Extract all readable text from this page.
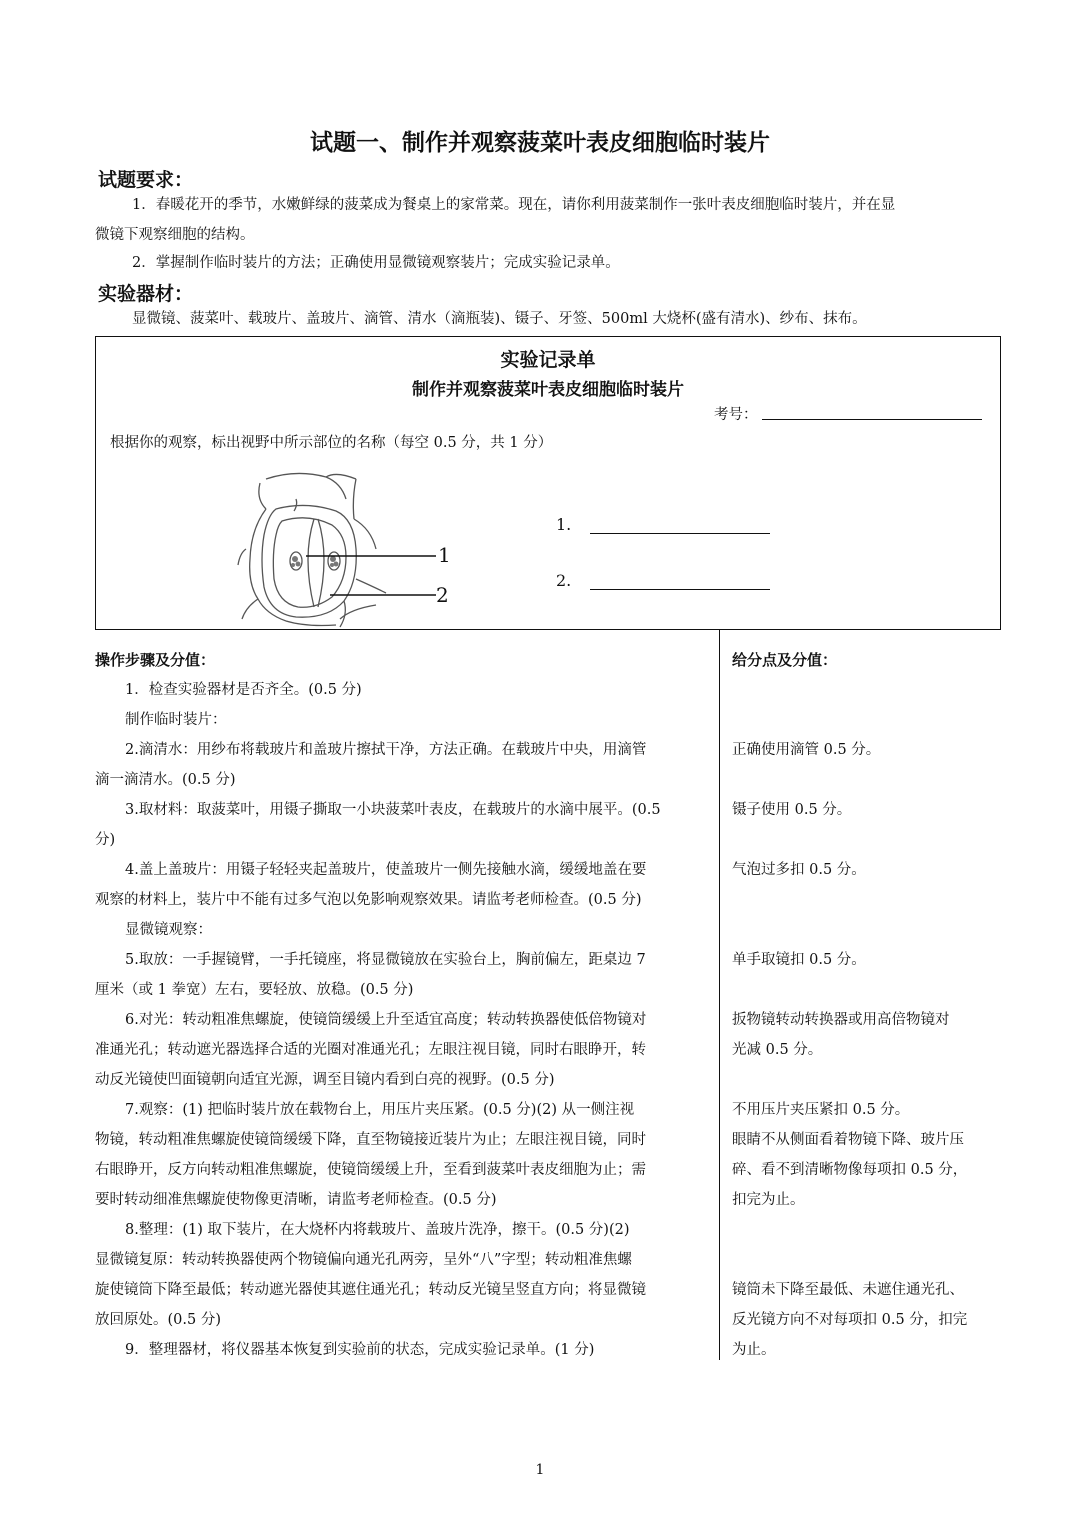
试题一、制作并观察菠菜叶表皮细胞临时装片
试题要求：
1．春暖花开的季节，水嫩鲜绿的菠菜成为餐桌上的家常菜。现在，请你利用菠菜制作一张叶表皮细胞临时装片，并在显
微镜下观察细胞的结构。
2．掌握制作临时装片的方法；正确使用显微镜观察装片；完成实验记录单。
实验器材：
显微镜、菠菜叶、载玻片、盖玻片、滴管、清水（滴瓶装)、镊子、牙签、500ml 大烧杯(盛有清水)、纱布、抹布。
实验记录单
制作并观察菠菜叶表皮细胞临时装片
考号：
根据你的观察，标出视野中所示部位的名称（每空 0.5 分，共 1 分）
1
2
1.
2.

操作步骤及分值：

1．检查实验器材是否齐全。(0.5 分)

制作临时装片：

2.滴清水：用纱布将载玻片和盖玻片擦拭干净，方法正确。在载玻片中央，用滴管

滴一滴清水。(0.5 分)

3.取材料：取菠菜叶，用镊子撕取一小块菠菜叶表皮，在载玻片的水滴中展平。(0.5

分)

4.盖上盖玻片：用镊子轻轻夹起盖玻片，使盖玻片一侧先接触水滴，缓缓地盖在要

观察的材料上，装片中不能有过多气泡以免影响观察效果。请监考老师检查。(0.5 分)

显微镜观察：

5.取放：一手握镜臂，一手托镜座，将显微镜放在实验台上，胸前偏左，距桌边 7

厘米（或 1 拳宽）左右，要轻放、放稳。(0.5 分)

6.对光：转动粗准焦螺旋，使镜筒缓缓上升至适宜高度；转动转换器使低倍物镜对

准通光孔；转动遮光器选择合适的光圈对准通光孔；左眼注视目镜，同时右眼睁开，转

动反光镜使凹面镜朝向适宜光源，调至目镜内看到白亮的视野。(0.5 分)

7.观察：(1) 把临时装片放在载物台上，用压片夹压紧。(0.5 分)(2) 从一侧注视

物镜，转动粗准焦螺旋使镜筒缓缓下降，直至物镜接近装片为止；左眼注视目镜，同时

右眼睁开，反方向转动粗准焦螺旋，使镜筒缓缓上升，至看到菠菜叶表皮细胞为止；需

要时转动细准焦螺旋使物像更清晰，请监考老师检查。(0.5 分)

8.整理：(1) 取下装片，在大烧杯内将载玻片、盖玻片洗净，擦干。(0.5 分)(2)

显微镜复原：转动转换器使两个物镜偏向通光孔两旁，呈外“八”字型；转动粗准焦螺

旋使镜筒下降至最低；转动遮光器使其遮住通光孔；转动反光镜呈竖直方向；将显微镜

放回原处。(0.5 分)

9．整理器材，将仪器基本恢复到实验前的状态，完成实验记录单。(1 分)

给分点及分值：
正确使用滴管 0.5 分。
镊子使用 0.5 分。
气泡过多扣 0.5 分。
单手取镜扣 0.5 分。
扳物镜转动转换器或用高倍物镜对
光减 0.5 分。
不用压片夹压紧扣 0.5 分。
眼睛不从侧面看着物镜下降、玻片压
碎、看不到清晰物像每项扣 0.5 分，
扣完为止。
镜筒未下降至最低、未遮住通光孔、
反光镜方向不对每项扣 0.5 分，扣完
为止。
1
